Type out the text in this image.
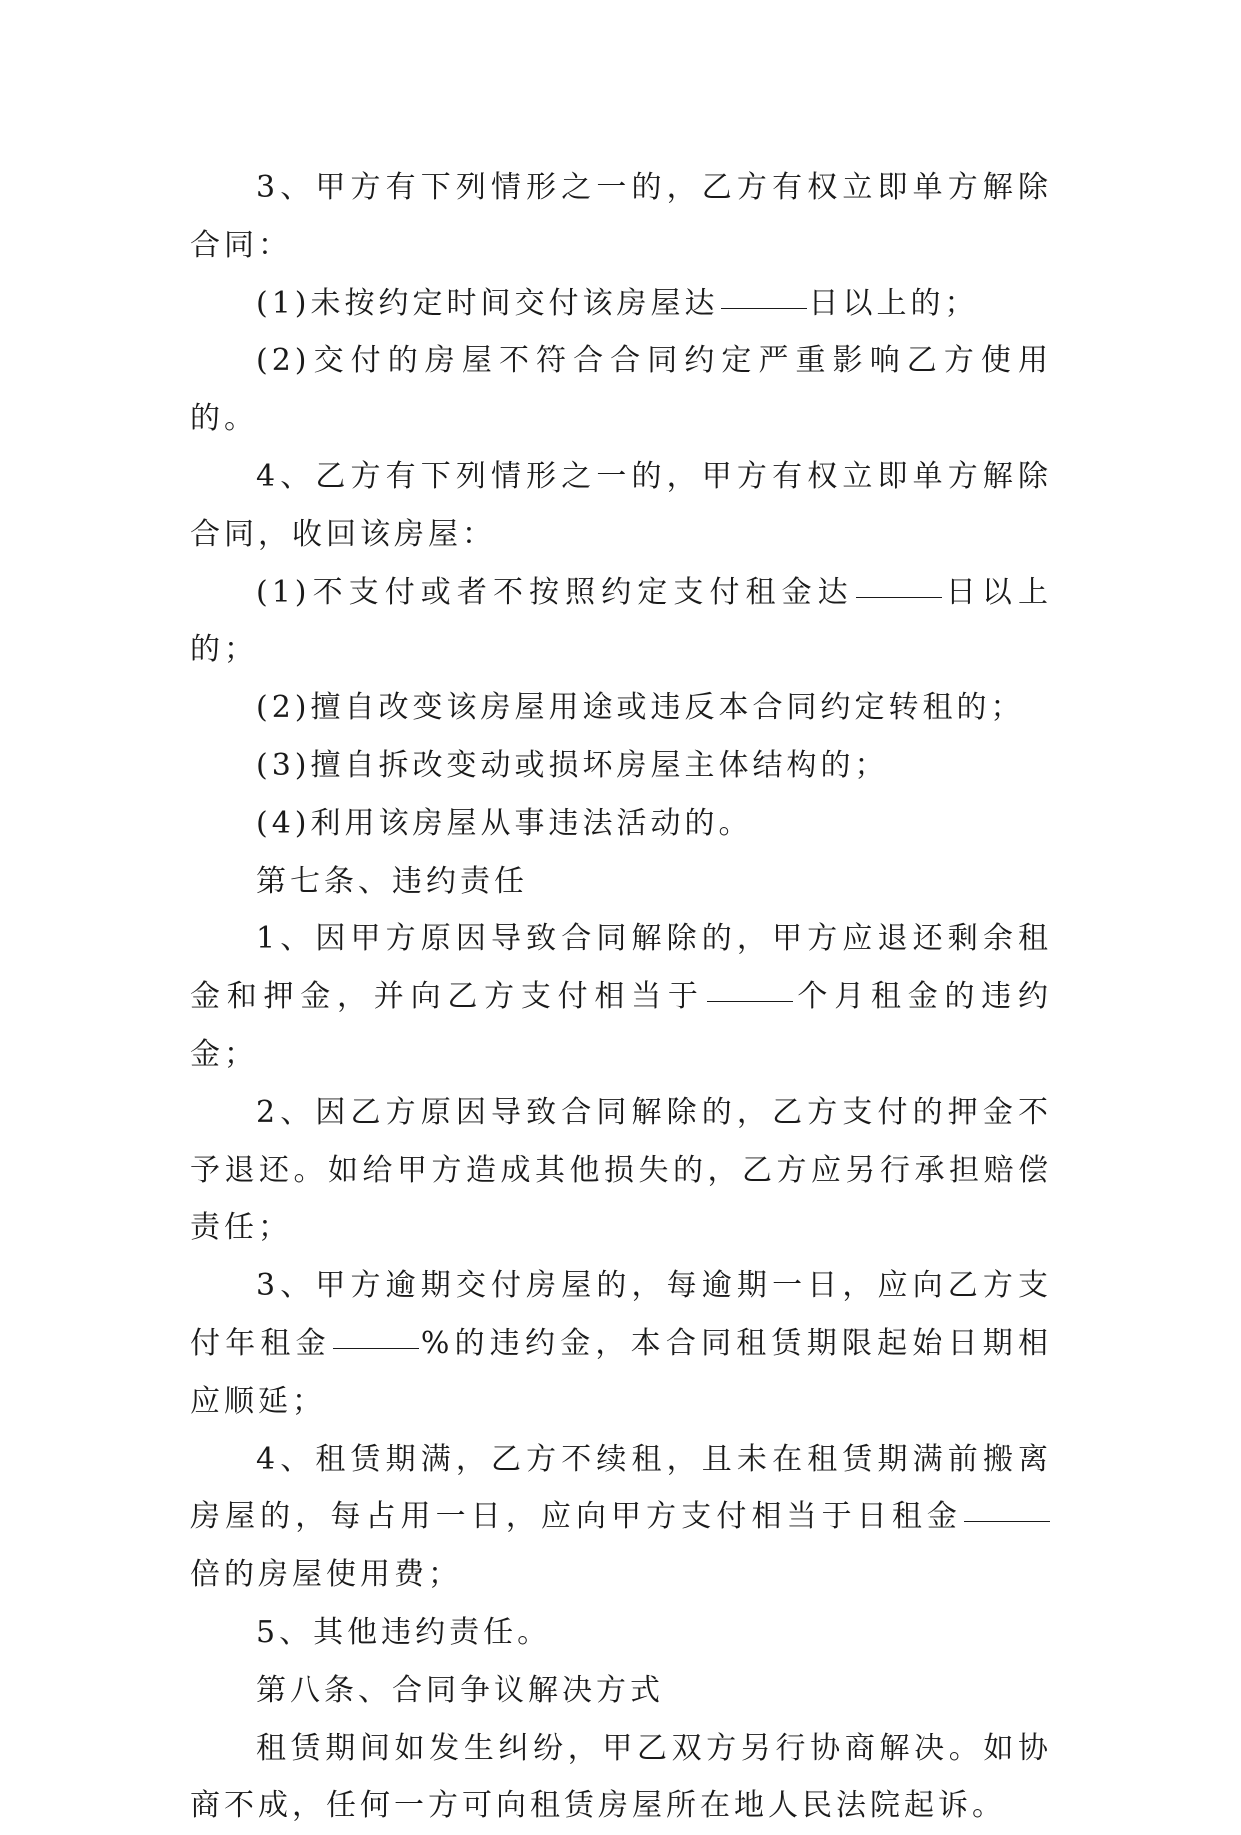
3、甲方有下列情形之一的，乙方有权立即单方解除合同：

(1)未按约定时间交付该房屋达	日以上的；

(2)交付的房屋不符合合同约定严重影响乙方使用的。

4、乙方有下列情形之一的，甲方有权立即单方解除合同，收回该房屋：

(1)不支付或者不按照约定支付租金达	日以上的；

(2)擅自改变该房屋用途或违反本合同约定转租的；

(3)擅自拆改变动或损坏房屋主体结构的；

(4)利用该房屋从事违法活动的。

第七条、违约责任

1、因甲方原因导致合同解除的，甲方应退还剩余租金和押金，并向乙方支付相当于	个月租金的违约金；

2、因乙方原因导致合同解除的，乙方支付的押金不予退还。如给甲方造成其他损失的，乙方应另行承担赔偿责任；

3、甲方逾期交付房屋的，每逾期一日，应向乙方支付年租金	%的违约金，本合同租赁期限起始日期相应顺延；

4、租赁期满，乙方不续租，且未在租赁期满前搬离房屋的，每占用一日，应向甲方支付相当于日租金倍的房屋使用费；

5、其他违约责任。

第八条、合同争议解决方式

租赁期间如发生纠纷，甲乙双方另行协商解决。如协商不成，任何一方可向租赁房屋所在地人民法院起诉。
